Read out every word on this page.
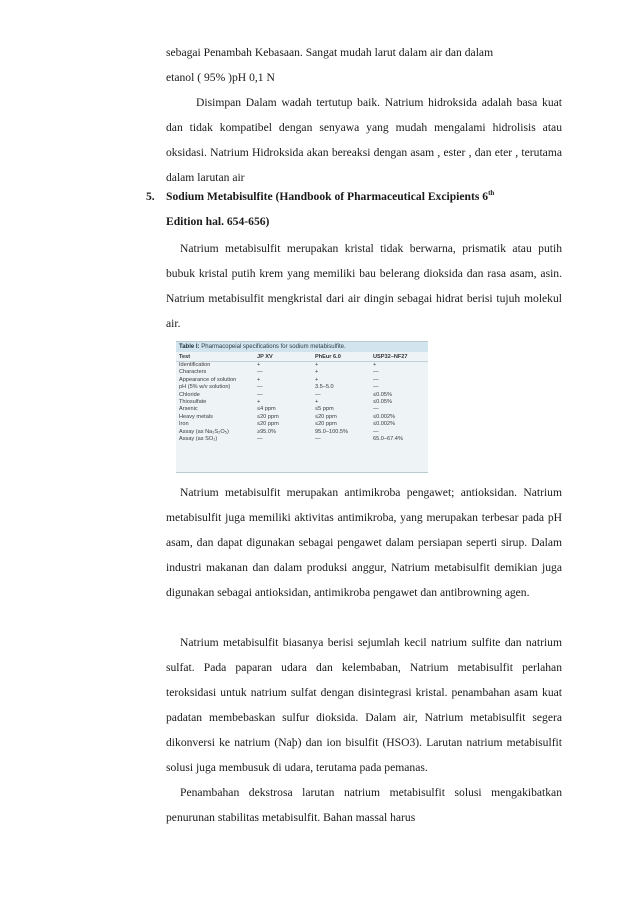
sebagai Penambah Kebasaan. Sangat mudah larut dalam air dan dalam

etanol ( 95% )pH 0,1 N

Disimpan Dalam wadah tertutup baik. Natrium hidroksida adalah basa kuat dan tidak kompatibel dengan senyawa yang mudah mengalami hidrolisis atau oksidasi. Natrium Hidroksida akan bereaksi dengan asam , ester , dan eter , terutama dalam larutan air

5. Sodium Metabisulfite (Handbook of Pharmaceutical Excipients 6th

Edition hal. 654-656)

Natrium metabisulfit merupakan kristal tidak berwarna, prismatik atau putih bubuk kristal putih krem yang memiliki bau belerang dioksida dan rasa asam, asin. Natrium metabisulfit mengkristal dari air dingin sebagai hidrat berisi tujuh molekul air.

Table I: Pharmacopeial specifications for sodium metabisulfite.
Test	JP XV	PhEur 6.0	USP32–NF27
Identification	+	+	+
Characters	—	+	—
Appearance of solution	+	+	—
pH (5% w/v solution)	—	3.5–5.0	—
Chloride	—	—	≤0.05%
Thiosulfate	+	+	≤0.05%
Arsenic	≤4 ppm	≤5 ppm	—
Heavy metals	≤20 ppm	≤20 ppm	≤0.002%
Iron	≤20 ppm	≤20 ppm	≤0.002%
Assay (as Na₂S₂O₅)	≥95.0%	95.0–100.5%	—
Assay (as SO₂)	—	—	65.0–67.4%

Natrium metabisulfit merupakan antimikroba pengawet; antioksidan. Natrium metabisulfit juga memiliki aktivitas antimikroba, yang merupakan terbesar pada pH asam, dan dapat digunakan sebagai pengawet dalam persiapan seperti sirup. Dalam industri makanan dan dalam produksi anggur, Natrium metabisulfit demikian juga digunakan sebagai antioksidan, antimikroba pengawet dan antibrowning agen.

Natrium metabisulfit biasanya berisi sejumlah kecil natrium sulfite dan natrium sulfat. Pada paparan udara dan kelembaban, Natrium metabisulfit perlahan teroksidasi untuk natrium sulfat dengan disintegrasi kristal. penambahan asam kuat padatan membebaskan sulfur dioksida. Dalam air, Natrium metabisulfit segera dikonversi ke natrium (Naþ) dan ion bisulfit (HSO3). Larutan natrium metabisulfit solusi juga membusuk di udara, terutama pada pemanas.

Penambahan dekstrosa larutan natrium metabisulfit solusi mengakibatkan penurunan stabilitas metabisulfit. Bahan massal harus
